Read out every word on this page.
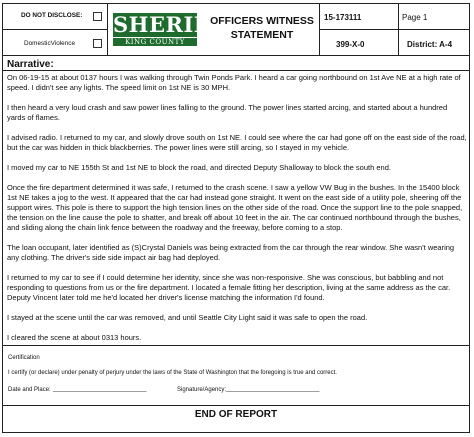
DO NOT DISCLOSE:
DomesticViolence
SHERIFF
KING COUNTY
OFFICERS WITNESS
STATEMENT
15-173111	Page 1
399-X-0	District: A-4
Narrative:

On 06-19-15 at about 0137 hours I was walking through Twin Ponds Park. I heard a car going northbound on 1st Ave NE at a high rate of speed. I didn't see any lights. The speed limit on 1st NE is 30 MPH.

I then heard a very loud crash and saw power lines falling to the ground. The power lines started arcing, and started about a hundred yards of flames.

I advised radio. I returned to my car, and slowly drove south on 1st NE. I could see where the car had gone off on the east side of the road, but the car was hidden in thick blackberries. The power lines were still arcing, so I stayed in my vehicle.

I moved my car to NE 155th St and 1st NE to block the road, and directed Deputy Shalloway to block the south end.

Once the fire department determined it was safe, I returned to the crash scene. I saw a yellow VW Bug in the bushes. In the 15400 block 1st NE takes a jog to the west. It appeared that the car had instead gone straight. It went on the east side of a utility pole, sheering off the support wires. This pole is there to support the high tension lines on the other side of the road. Once the support line to the pole snapped, the tension on the line cause the pole to shatter, and break off about 10 feet in the air. The car continued northbound through the bushes, and sliding along the chain link fence between the roadway and the freeway, before coming to a stop.

The loan occupant, later identified as (S)Crystal Daniels was being extracted from the car through the rear window. She wasn't wearing any clothing. The driver's side side impact air bag had deployed.

I returned to my car to see if I could determine her identity, since she was non-responsive. She was conscious, but babbling and not responding to questions from us or the fire department. I located a female fitting her description, living at the same address as the car. Deputy Vincent later told me he'd located her driver's license matching the information I'd found.

I stayed at the scene until the car was removed, and until Seattle City Light said it was safe to open the road.

I cleared the scene at about 0313 hours.

Certification
I certify (or declare) under penalty of perjury under the laws of the State of Washington that the foregoing is true and correct.
Date and Place: ____________________________	Signature/Agency: ____________________________
END OF REPORT
